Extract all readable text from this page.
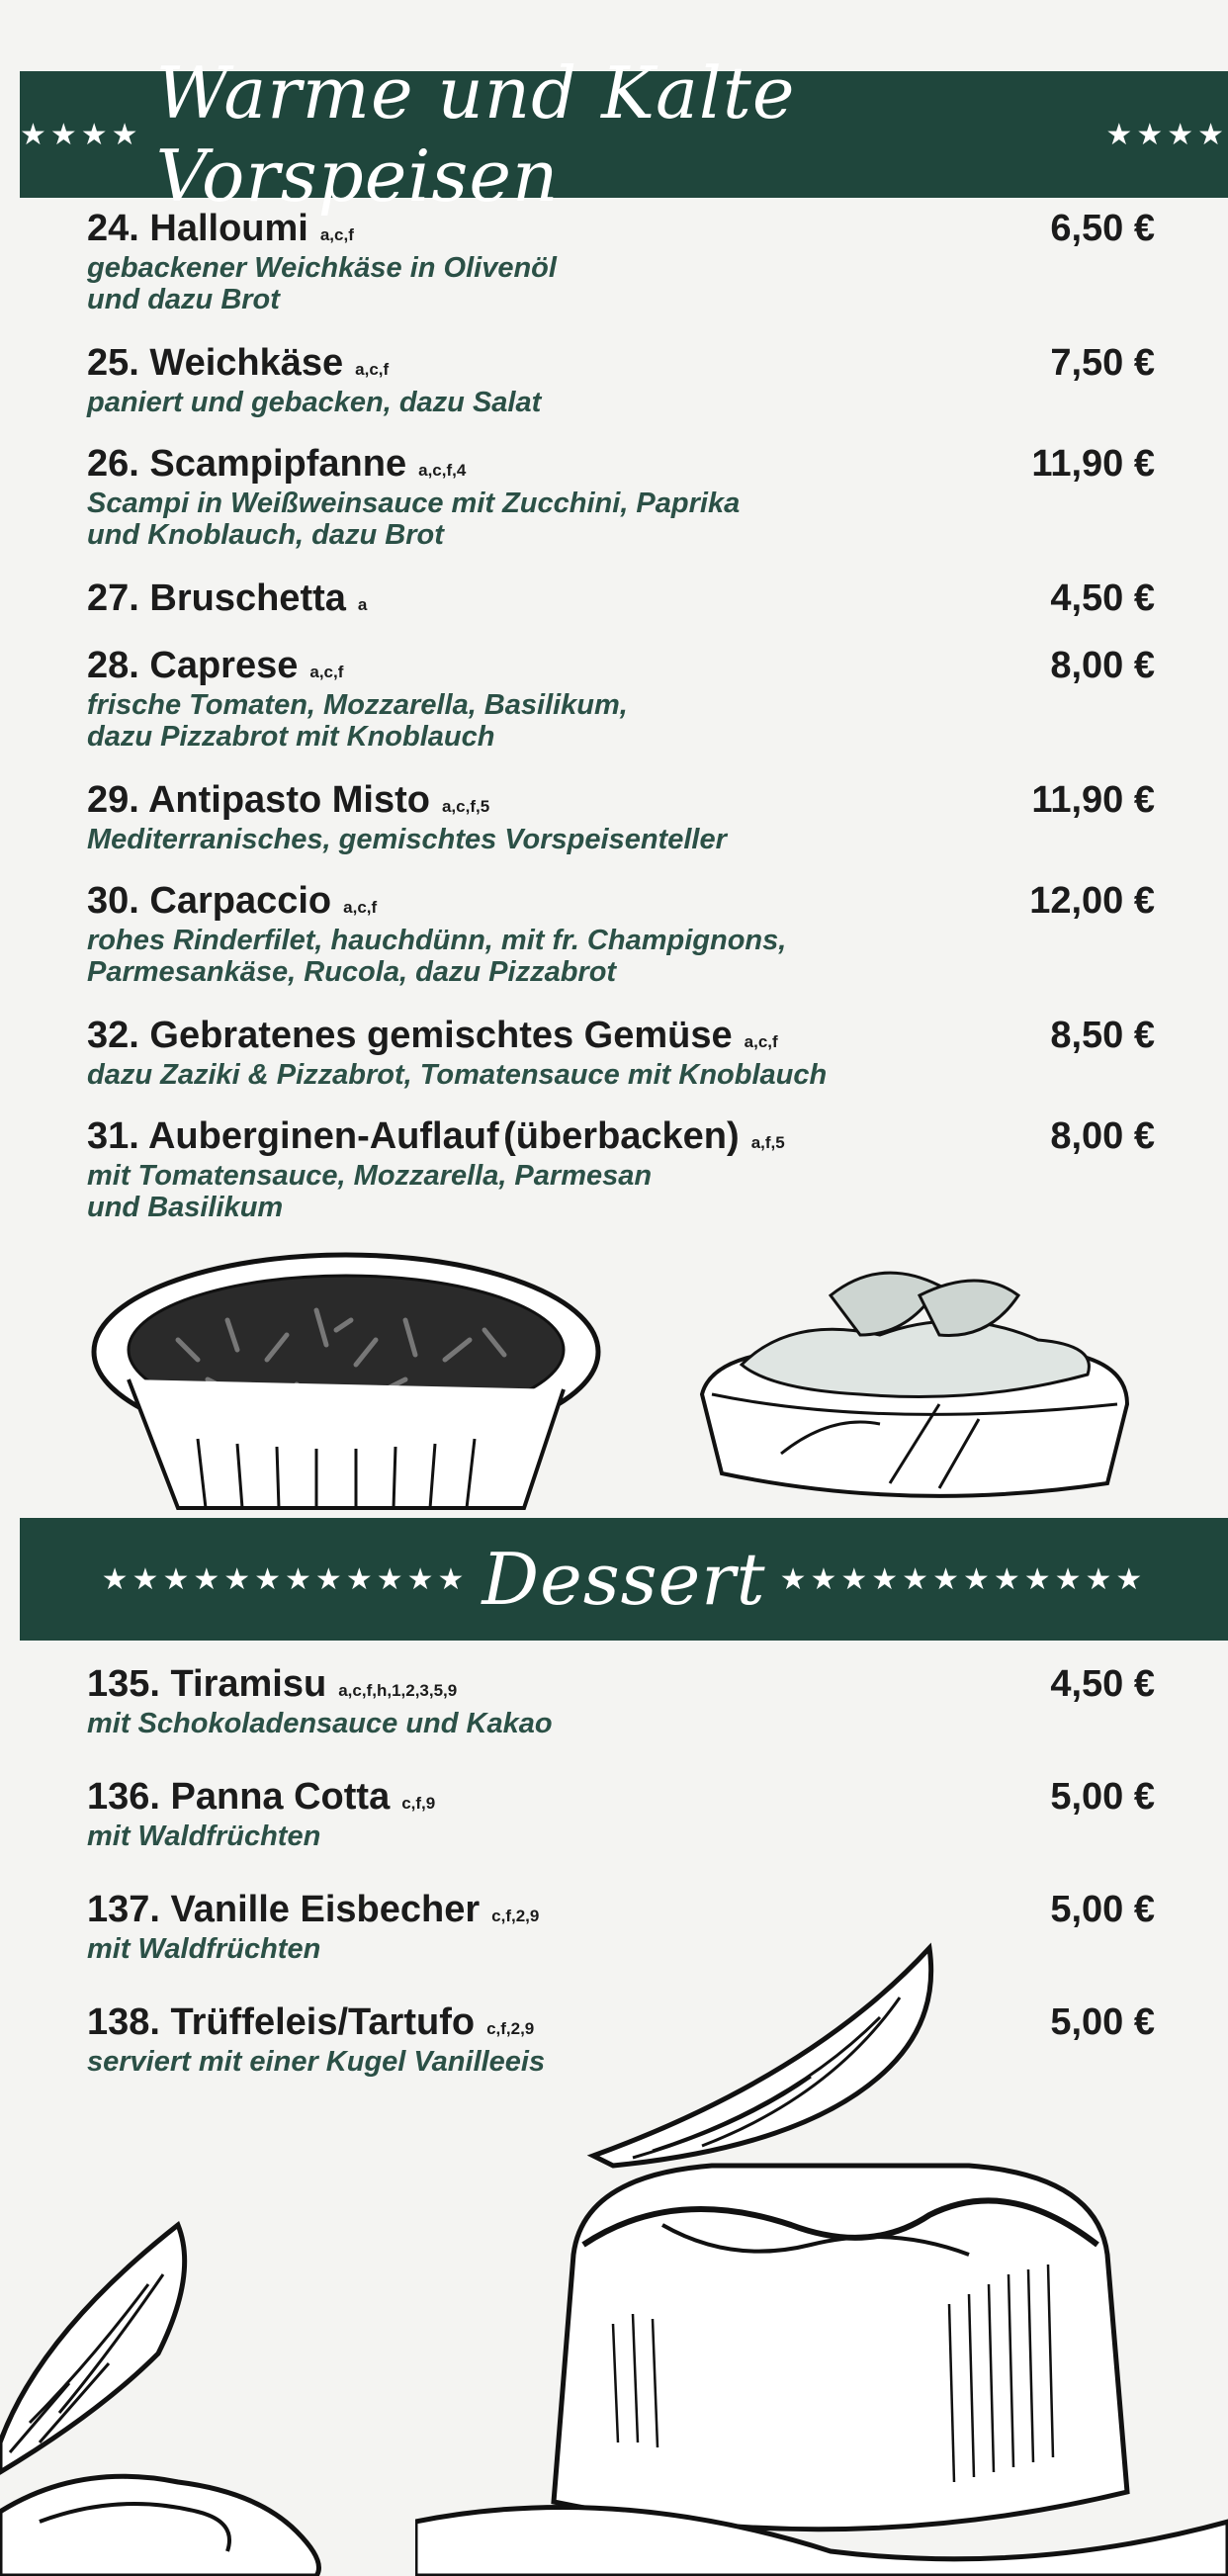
★★★★ Warme und Kalte Vorspeisen	★★★★
24. Halloumi a,c,f	6,50 €
gebackener Weichkäse in Olivenöl
und dazu Brot
25. Weichkäse a,c,f	7,50 €
paniert und gebacken, dazu Salat
26. Scampipfanne a,c,f,4	11,90 €
Scampi in Weißweinsauce mit Zucchini, Paprika
und Knoblauch, dazu Brot
27. Bruschetta a	4,50 €
28. Caprese a,c,f	8,00 €
frische Tomaten, Mozzarella, Basilikum,
dazu Pizzabrot mit Knoblauch
29. Antipasto Misto a,c,f,5	11,90 €
Mediterranisches, gemischtes Vorspeisenteller
30. Carpaccio a,c,f	12,00 €
rohes Rinderfilet, hauchdünn, mit fr. Champignons,
Parmesankäse, Rucola, dazu Pizzabrot
32. Gebratenes gemischtes Gemüse a,c,f	8,50 €
dazu Zaziki & Pizzabrot, Tomatensauce mit Knoblauch
31. Auberginen-Auflauf (überbacken) a,f,5	8,00 €
mit Tomatensauce, Mozzarella, Parmesan
und Basilikum
★★★★★★★★★★★★ Dessert ★★★★★★★★★★★★
135. Tiramisu a,c,f,h,1,2,3,5,9	4,50 €
mit Schokoladensauce und Kakao
136. Panna Cotta c,f,9	5,00 €
mit Waldfrüchten
137. Vanille Eisbecher c,f,2,9	5,00 €
mit Waldfrüchten
138. Trüffeleis/Tartufo c,f,2,9	5,00 €
serviert mit einer Kugel Vanilleeis
